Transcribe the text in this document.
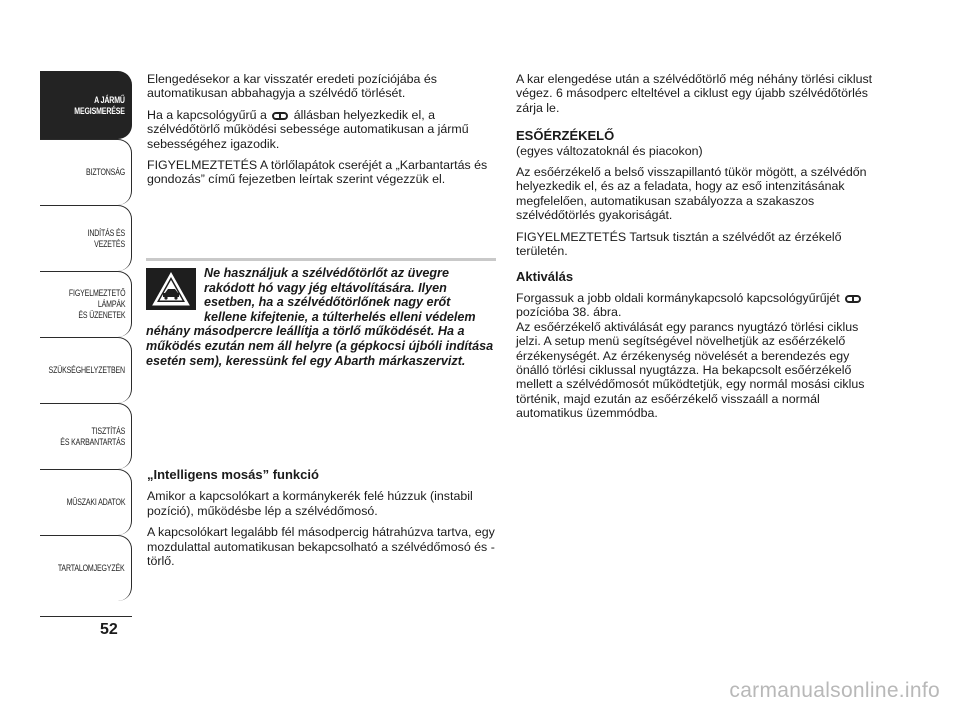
A JÁRMŰ
MEGISMERÉSE
BIZTONSÁG
INDÍTÁS ÉS VEZETÉS
FIGYELMEZTETŐ
LÁMPÁK
ÉS ÜZENETEK
SZÜKSÉGHELYZETBEN
TISZTÍTÁS
ÉS KARBANTARTÁS
MŰSZAKI ADATOK
TARTALOMJEGYZÉK
52

Elengedésekor a kar visszatér eredeti pozíciójába és automatikusan abbahagyja a szélvédő törlését.

Ha a kapcsológyűrű a állásban helyezkedik el, a szélvédőtörlő működési sebessége automatikusan a jármű sebességéhez igazodik.

FIGYELMEZTETÉS A törlőlapátok cseréjét a „Karbantartás és gondozás” című fejezetben leírtak szerint végezzük el.

Ne használjuk a szélvédőtörlőt az üvegre rakódott hó vagy jég eltávolítására. Ilyen esetben, ha a szélvédőtörlőnek nagy erőt kellene kifejtenie, a túlterhelés elleni védelem néhány másodpercre leállítja a törlő működését. Ha a működés ezután nem áll helyre (a gépkocsi újbóli indítása esetén sem), keressünk fel egy Abarth márkaszervizt.

„Intelligens mosás” funkció

Amikor a kapcsolókart a kormánykerék felé húzzuk (instabil pozíció), működésbe lép a szélvédőmosó.

A kapcsolókart legalább fél másodpercig hátrahúzva tartva, egy mozdulattal automatikusan bekapcsolható a szélvédőmosó és -törlő.

A kar elengedése után a szélvédőtörlő még néhány törlési ciklust végez. 6 másodperc elteltével a ciklust egy újabb szélvédőtörlés zárja le.

ESŐÉRZÉKELŐ

(egyes változatoknál és piacokon)

Az esőérzékelő a belső visszapillantó tükör mögött, a szélvédőn helyezkedik el, és az a feladata, hogy az eső intenzitásának megfelelően, automatikusan szabályozza a szakaszos szélvédőtörlés gyakoriságát.

FIGYELMEZTETÉS Tartsuk tisztán a szélvédőt az érzékelő területén.

Aktiválás

Forgassuk a jobb oldali kormánykapcsoló kapcsológyűrűjét  pozícióba 38. ábra.
Az esőérzékelő aktiválását egy parancs nyugtázó törlési ciklus jelzi. A setup menü segítségével növelhetjük az esőérzékelő érzékenységét. Az érzékenység növelését a berendezés egy önálló törlési ciklussal nyugtázza. Ha bekapcsolt esőérzékelő mellett a szélvédőmosót működtetjük, egy normál mosási ciklus történik, majd ezután az esőérzékelő visszaáll a normál automatikus üzemmódba.

carmanualsonline.info
